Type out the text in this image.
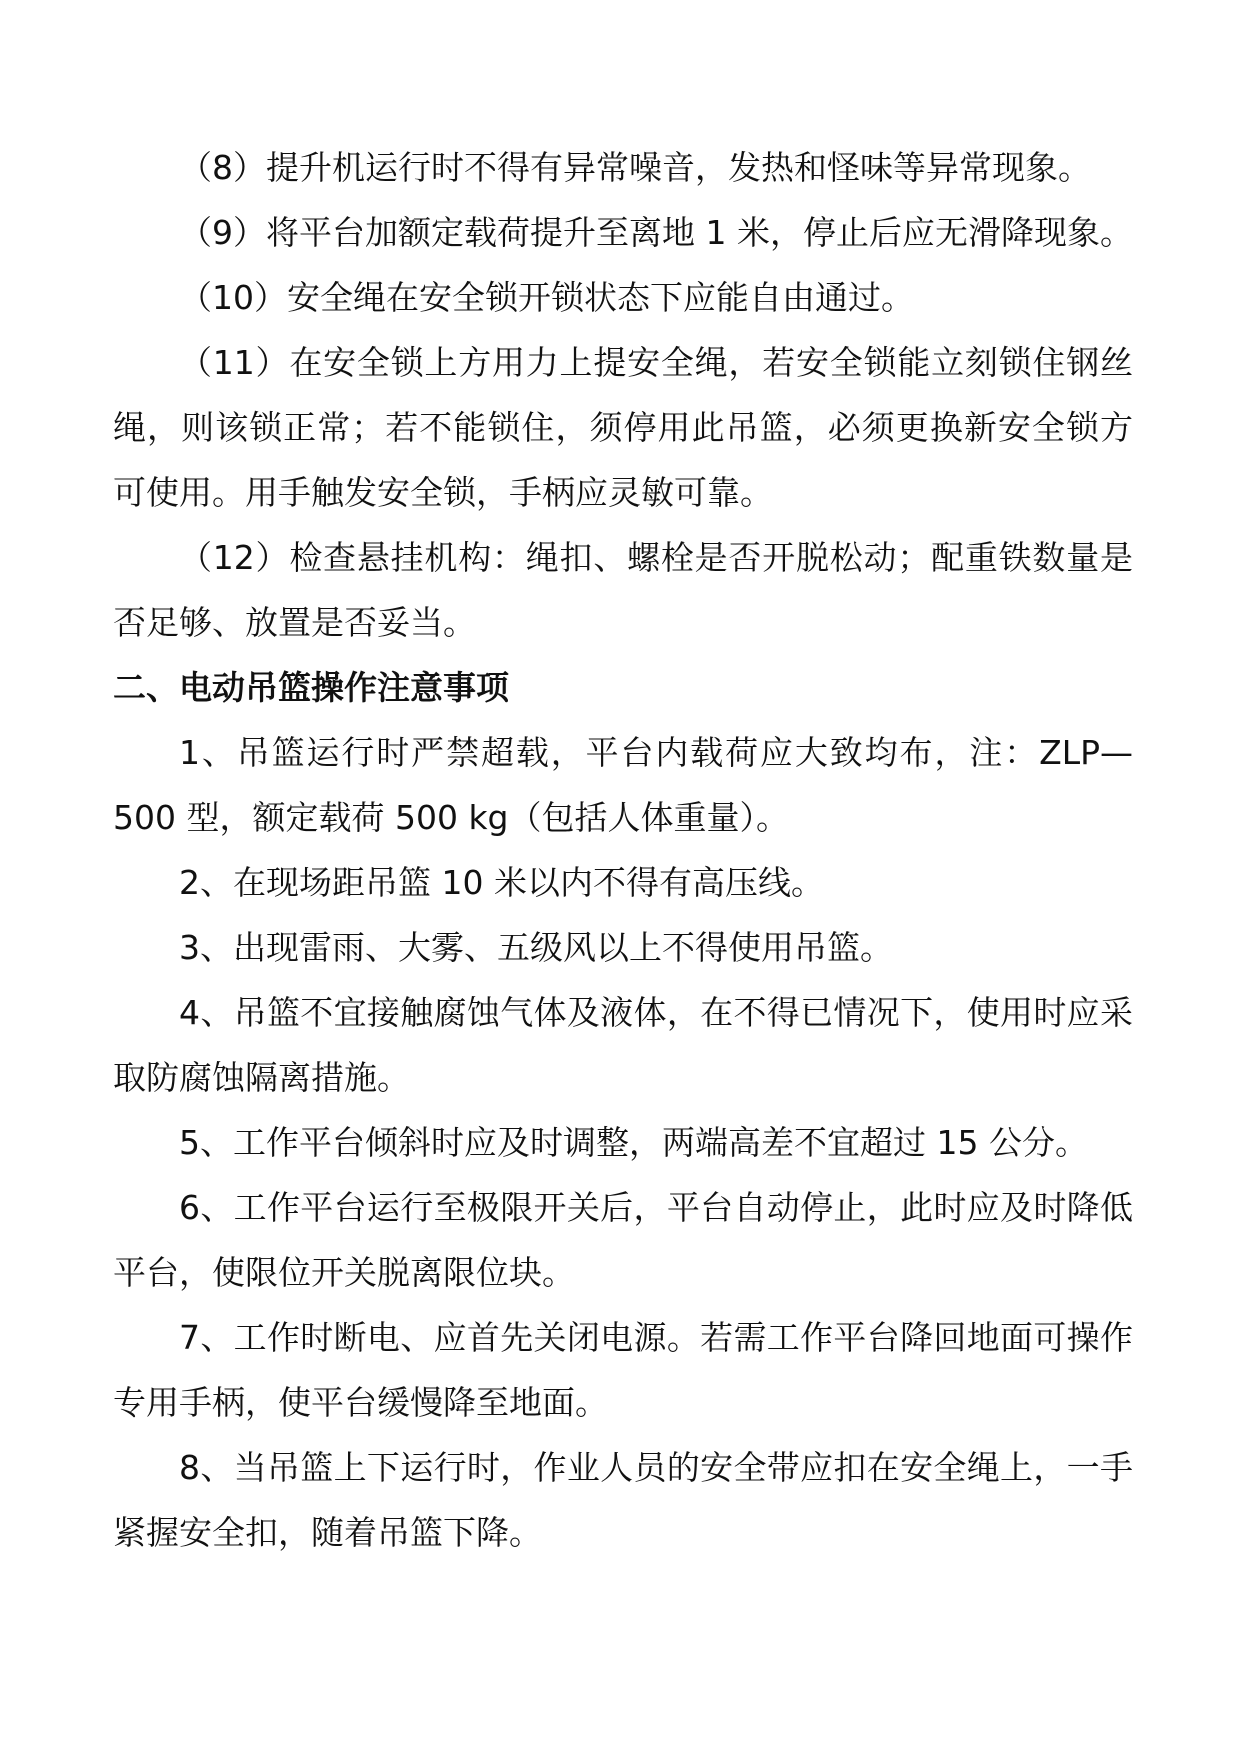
（8）提升机运行时不得有异常噪音，发热和怪味等异常现象。

（9）将平台加额定载荷提升至离地 1 米，停止后应无滑降现象。

（10）安全绳在安全锁开锁状态下应能自由通过。

（11）在安全锁上方用力上提安全绳，若安全锁能立刻锁住钢丝绳，则该锁正常；若不能锁住，须停用此吊篮，必须更换新安全锁方可使用。用手触发安全锁，手柄应灵敏可靠。

（12）检查悬挂机构：绳扣、螺栓是否开脱松动；配重铁数量是否足够、放置是否妥当。

二、电动吊篮操作注意事项

1、吊篮运行时严禁超载，平台内载荷应大致均布，注：ZLP—500 型，额定载荷 500 kg（包括人体重量）。

2、在现场距吊篮 10 米以内不得有高压线。

3、出现雷雨、大雾、五级风以上不得使用吊篮。

4、吊篮不宜接触腐蚀气体及液体，在不得已情况下，使用时应采取防腐蚀隔离措施。

5、工作平台倾斜时应及时调整，两端高差不宜超过 15 公分。

6、工作平台运行至极限开关后，平台自动停止，此时应及时降低平台，使限位开关脱离限位块。

7、工作时断电、应首先关闭电源。若需工作平台降回地面可操作专用手柄，使平台缓慢降至地面。

8、当吊篮上下运行时，作业人员的安全带应扣在安全绳上，一手紧握安全扣，随着吊篮下降。
